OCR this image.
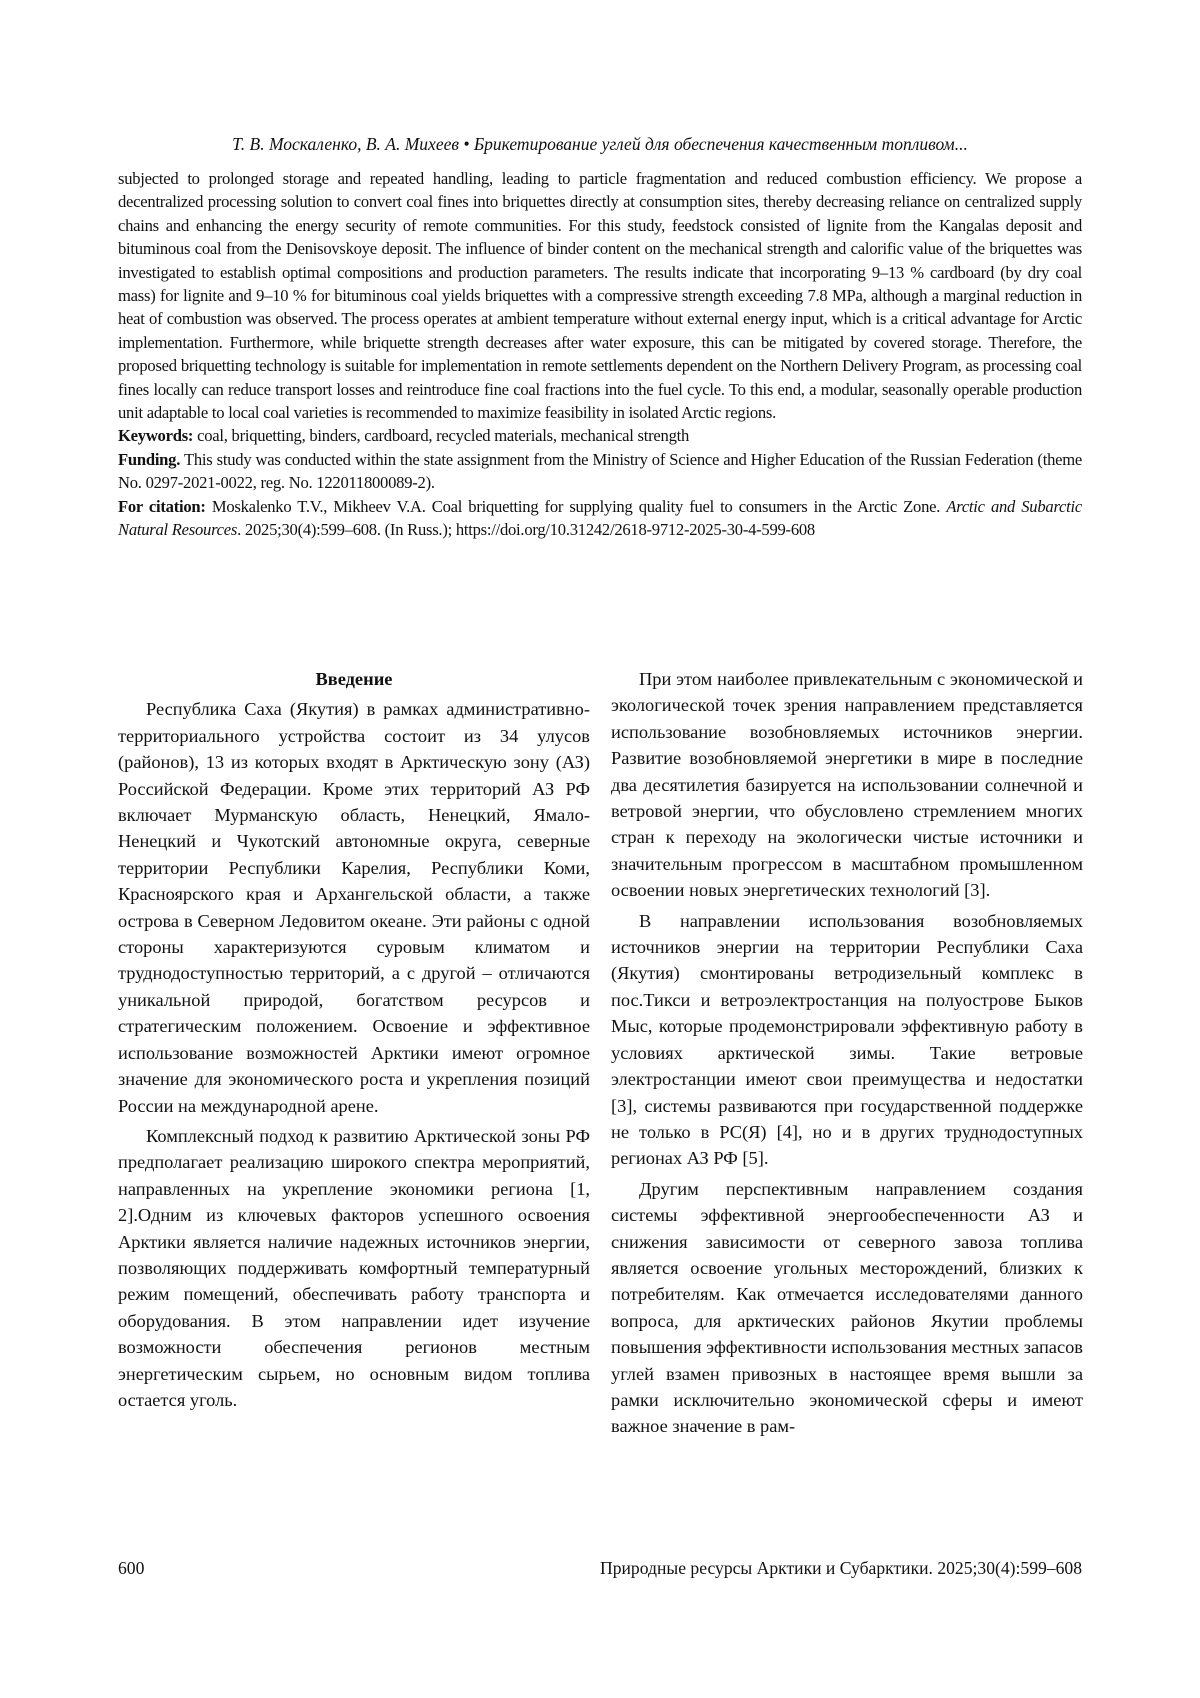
Т. В. Москаленко, В. А. Михеев • Брикетирование углей для обеспечения качественным топливом...

subjected to prolonged storage and repeated handling, leading to particle fragmentation and reduced combustion efficiency. We propose a decentralized processing solution to convert coal fines into briquettes directly at consumption sites, thereby decreasing reliance on centralized supply chains and enhancing the energy security of remote communities. For this study, feedstock consisted of lignite from the Kangalas deposit and bituminous coal from the Denisovskoye deposit. The influence of binder content on the mechanical strength and calorific value of the briquettes was investigated to establish optimal compositions and production parameters. The results indicate that incorporating 9–13 % cardboard (by dry coal mass) for lignite and 9–10 % for bituminous coal yields briquettes with a compressive strength exceeding 7.8 MPa, although a marginal reduction in heat of combustion was observed. The process operates at ambient temperature without external energy input, which is a critical advantage for Arctic implementation. Furthermore, while briquette strength decreases after water exposure, this can be mitigated by covered storage. Therefore, the proposed briquetting technology is suitable for implementation in remote settlements dependent on the Northern Delivery Program, as processing coal fines locally can reduce transport losses and reintroduce fine coal fractions into the fuel cycle. To this end, a modular, seasonally operable production unit adaptable to local coal varieties is recommended to maximize feasibility in isolated Arctic regions.

Keywords: coal, briquetting, binders, cardboard, recycled materials, mechanical strength

Funding. This study was conducted within the state assignment from the Ministry of Science and Higher Education of the Russian Federation (theme No. 0297-2021-0022, reg. No. 122011800089-2).

For citation: Moskalenko T.V., Mikheev V.A. Coal briquetting for supplying quality fuel to consumers in the Arctic Zone. Arctic and Subarctic Natural Resources. 2025;30(4):599–608. (In Russ.); https://doi.org/10.31242/2618-9712-2025-30-4-599-608

Введение

Республика Саха (Якутия) в рамках административно-территориального устройства состоит из 34 улусов (районов), 13 из которых входят в Арктическую зону (АЗ) Российской Федерации. Кроме этих территорий АЗ РФ включает Мурманскую область, Ненецкий, Ямало-Ненецкий и Чукотский автономные округа, северные территории Республики Карелия, Республики Коми, Красноярского края и Архангельской области, а также острова в Северном Ледовитом океане. Эти районы с одной стороны характеризуются суровым климатом и труднодоступностью территорий, а с другой – отличаются уникальной природой, богатством ресурсов и стратегическим положением. Освоение и эффективное использование возможностей Арктики имеют огромное значение для экономического роста и укрепления позиций России на международной арене.

Комплексный подход к развитию Арктической зоны РФ предполагает реализацию широкого спектра мероприятий, направленных на укрепление экономики региона [1, 2].Одним из ключевых факторов успешного освоения Арктики является наличие надежных источников энергии, позволяющих поддерживать комфортный температурный режим помещений, обеспечивать работу транспорта и оборудования. В этом направлении идет изучение возможности обеспечения регионов местным энергетическим сырьем, но основным видом топлива остается уголь.

При этом наиболее привлекательным с экономической и экологической точек зрения направлением представляется использование возобновляемых источников энергии. Развитие возобновляемой энергетики в мире в последние два десятилетия базируется на использовании солнечной и ветровой энергии, что обусловлено стремлением многих стран к переходу на экологически чистые источники и значительным прогрессом в масштабном промышленном освоении новых энергетических технологий [3].

В направлении использования возобновляемых источников энергии на территории Республики Саха (Якутия) смонтированы ветродизельный комплекс в пос.Тикси и ветроэлектростанция на полуострове Быков Мыс, которые продемонстрировали эффективную работу в условиях арктической зимы. Такие ветровые электростанции имеют свои преимущества и недостатки [3], системы развиваются при государственной поддержке не только в РС(Я) [4], но и в других труднодоступных регионах АЗ РФ [5].

Другим перспективным направлением создания системы эффективной энергообеспеченности АЗ и снижения зависимости от северного завоза топлива является освоение угольных месторождений, близких к потребителям. Как отмечается исследователями данного вопроса, для арктических районов Якутии проблемы повышения эффективности использования местных запасов углей взамен привозных в настоящее время вышли за рамки исключительно экономической сферы и имеют важное значение в рам-

600	Природные ресурсы Арктики и Субарктики. 2025;30(4):599–608
